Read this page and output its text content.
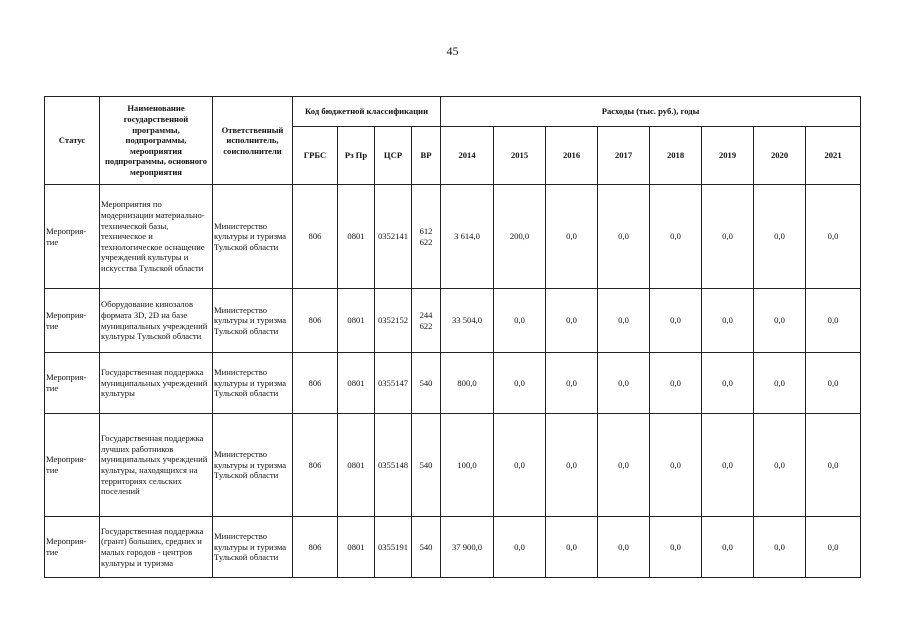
45
Статус	Наименование государственной программы, подпрограммы, мероприятия подпрограммы, основного мероприятия	Ответственный исполнитель, соисполнители	Код бюджетной классификации				Расходы (тыс. руб.), годы							
			ГРБС	Рз Пр	ЦСР	ВР	2014	2015	2016	2017	2018	2019	2020	2021
Мероприя-тие	Мероприятия по модернизации материально-технической базы, техническое и технологическое оснащение учреждений культуры и искусства Тульской области	Министерство культуры и туризма Тульской области	806	0801	0352141	612 622	3 614,0	200,0	0,0	0,0	0,0	0,0	0,0	0,0
Мероприя-тие	Оборудование кинозалов формата 3D, 2D на базе муниципальных учреждений культуры Тульской области	Министерство культуры и туризма Тульской области	806	0801	0352152	244 622	33 504,0	0,0	0,0	0,0	0,0	0,0	0,0	0,0
Мероприя-тие	Государственная поддержка муниципальных учреждений культуры	Министерство культуры и туризма Тульской области	806	0801	0355147	540	800,0	0,0	0,0	0,0	0,0	0,0	0,0	0,0
Мероприя-тие	Государственная поддержка лучших работников муниципальных учреждений культуры, находящихся на территориях сельских поселений	Министерство культуры и туризма Тульской области	806	0801	0355148	540	100,0	0,0	0,0	0,0	0,0	0,0	0,0	0,0
Мероприя-тие	Государственная поддержка (грант) больших, средних и малых городов - центров культуры и туризма	Министерство культуры и туризма Тульской области	806	0801	0355191	540	37 900,0	0,0	0,0	0,0	0,0	0,0	0,0	0,0
